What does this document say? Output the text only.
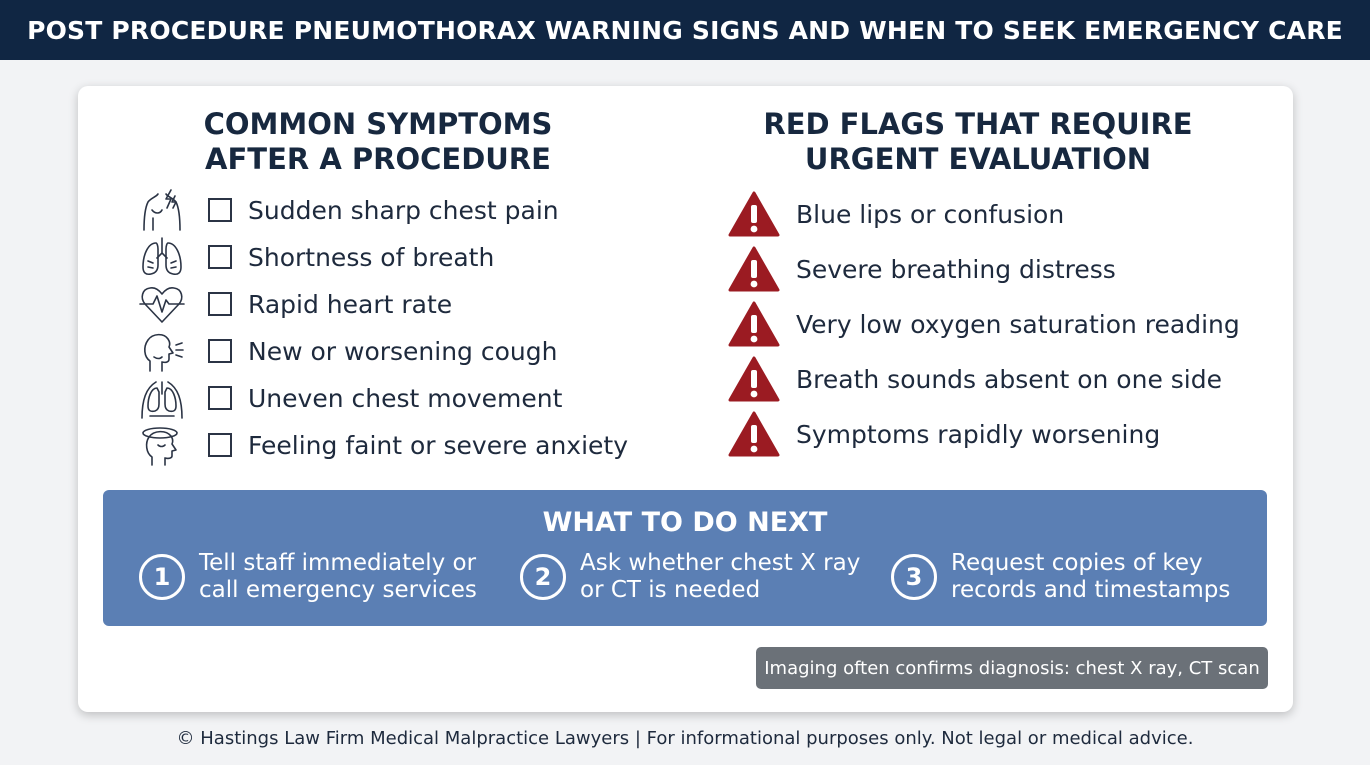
POST PROCEDURE PNEUMOTHORAX WARNING SIGNS AND WHEN TO SEEK EMERGENCY CARE
COMMON SYMPTOMS
AFTER A PROCEDURE
RED FLAGS THAT REQUIRE
URGENT EVALUATION
Sudden sharp chest pain
Shortness of breath
Rapid heart rate
New or worsening cough
Uneven chest movement
Feeling faint or severe anxiety
Blue lips or confusion
Severe breathing distress
Very low oxygen saturation reading
Breath sounds absent on one side
Symptoms rapidly worsening
WHAT TO DO NEXT
1	Tell staff immediately or
call emergency services	2	Ask whether chest X ray
or CT is needed	3	Request copies of key
records and timestamps
Imaging often confirms diagnosis: chest X ray, CT scan
© Hastings Law Firm Medical Malpractice Lawyers | For informational purposes only. Not legal or medical advice.
